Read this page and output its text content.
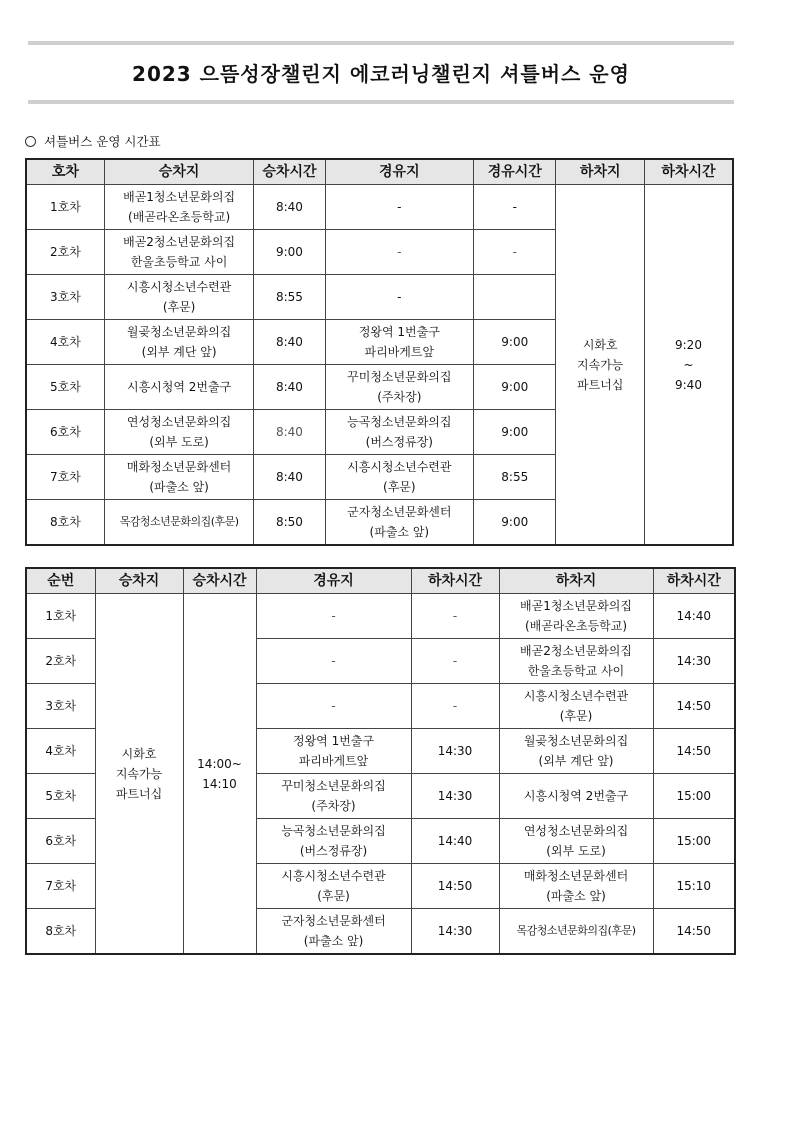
2023 으뜸성장챌린지 에코러닝챌린지 셔틀버스 운영
셔틀버스 운영 시간표
호차	승차지	승차시간	경유지	경유시간	하차지	하차시간
1호차	배곧1청소년문화의집
(배곧라온초등학교)	8:40	-	-	시화호
지속가능
파트너십	9:20
~
9:40
2호차	배곧2청소년문화의집
한울초등학교 사이	9:00	-	-		
3호차	시흥시청소년수련관
(후문)	8:55	-			
4호차	월곶청소년문화의집
(외부 계단 앞)	8:40	정왕역 1번출구
파리바게트앞	9:00		
5호차	시흥시청역 2번출구	8:40	꾸미청소년문화의집
(주차장)	9:00		
6호차	연성청소년문화의집
(외부 도로)	8:40	능곡청소년문화의집
(버스정류장)	9:00		
7호차	매화청소년문화센터
(파출소 앞)	8:40	시흥시청소년수련관
(후문)	8:55		
8호차	목감청소년문화의집(후문)	8:50	군자청소년문화센터
(파출소 앞)	9:00		
순번	승차지	승차시간	경유지	하차시간	하차지	하차시간
1호차	시화호
지속가능
파트너십	14:00~
14:10	-	-	배곧1청소년문화의집
(배곧라온초등학교)	14:40
2호차			-	-	배곧2청소년문화의집
한울초등학교 사이	14:30
3호차			-	-	시흥시청소년수련관
(후문)	14:50
4호차			정왕역 1번출구
파리바게트앞	14:30	월곶청소년문화의집
(외부 계단 앞)	14:50
5호차			꾸미청소년문화의집
(주차장)	14:30	시흥시청역 2번출구	15:00
6호차			능곡청소년문화의집
(버스정류장)	14:40	연성청소년문화의집
(외부 도로)	15:00
7호차			시흥시청소년수련관
(후문)	14:50	매화청소년문화센터
(파출소 앞)	15:10
8호차			군자청소년문화센터
(파출소 앞)	14:30	목감청소년문화의집(후문)	14:50
